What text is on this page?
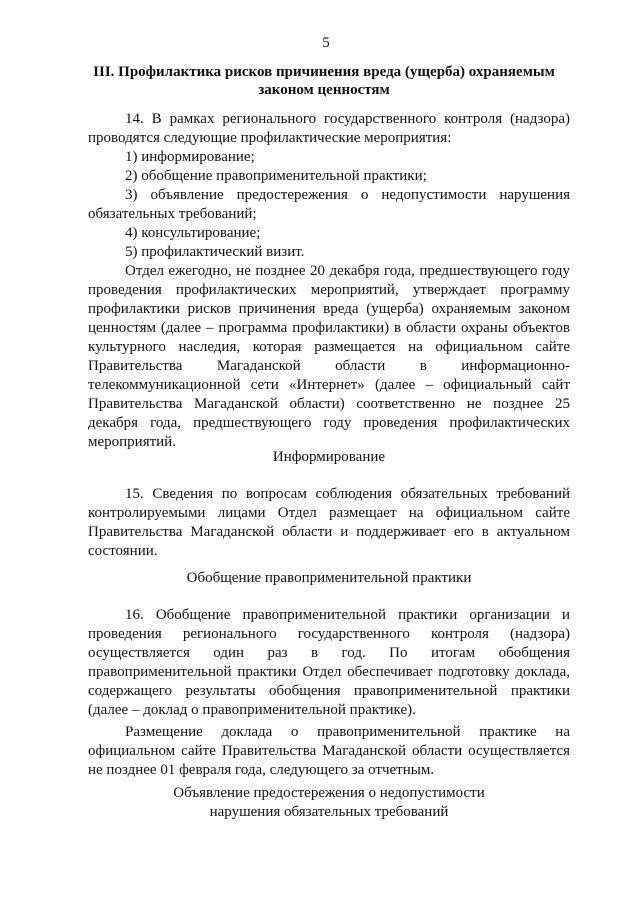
5
III. Профилактика рисков причинения вреда (ущерба) охраняемым законом ценностям

14. В рамках регионального государственного контроля (надзора) проводятся следующие профилактические мероприятия:

1) информирование;

2) обобщение правоприменительной практики;

3) объявление предостережения о недопустимости нарушения обязательных требований;

4) консультирование;

5) профилактический визит.

Отдел ежегодно, не позднее 20 декабря года, предшествующего году проведения профилактических мероприятий, утверждает программу профилактики рисков причинения вреда (ущерба) охраняемым законом ценностям (далее – программа профилактики) в области охраны объектов культурного наследия, которая размещается на официальном сайте Правительства Магаданской области в информационно-телекоммуникационной сети «Интернет» (далее – официальный сайт Правительства Магаданской области) соответственно не позднее 25 декабря года, предшествующего году проведения профилактических мероприятий.

Информирование

15. Сведения по вопросам соблюдения обязательных требований контролируемыми лицами Отдел размещает на официальном сайте Правительства Магаданской области и поддерживает его в актуальном состоянии.

Обобщение правоприменительной практики

16. Обобщение правоприменительной практики организации и проведения регионального государственного контроля (надзора) осуществляется один раз в год. По итогам обобщения правоприменительной практики Отдел обеспечивает подготовку доклада, содержащего результаты обобщения правоприменительной практики (далее – доклад о правоприменительной практике).

Размещение доклада о правоприменительной практике на официальном сайте Правительства Магаданской области осуществляется не позднее 01 февраля года, следующего за отчетным.

Объявление предостережения о недопустимости
нарушения обязательных требований
